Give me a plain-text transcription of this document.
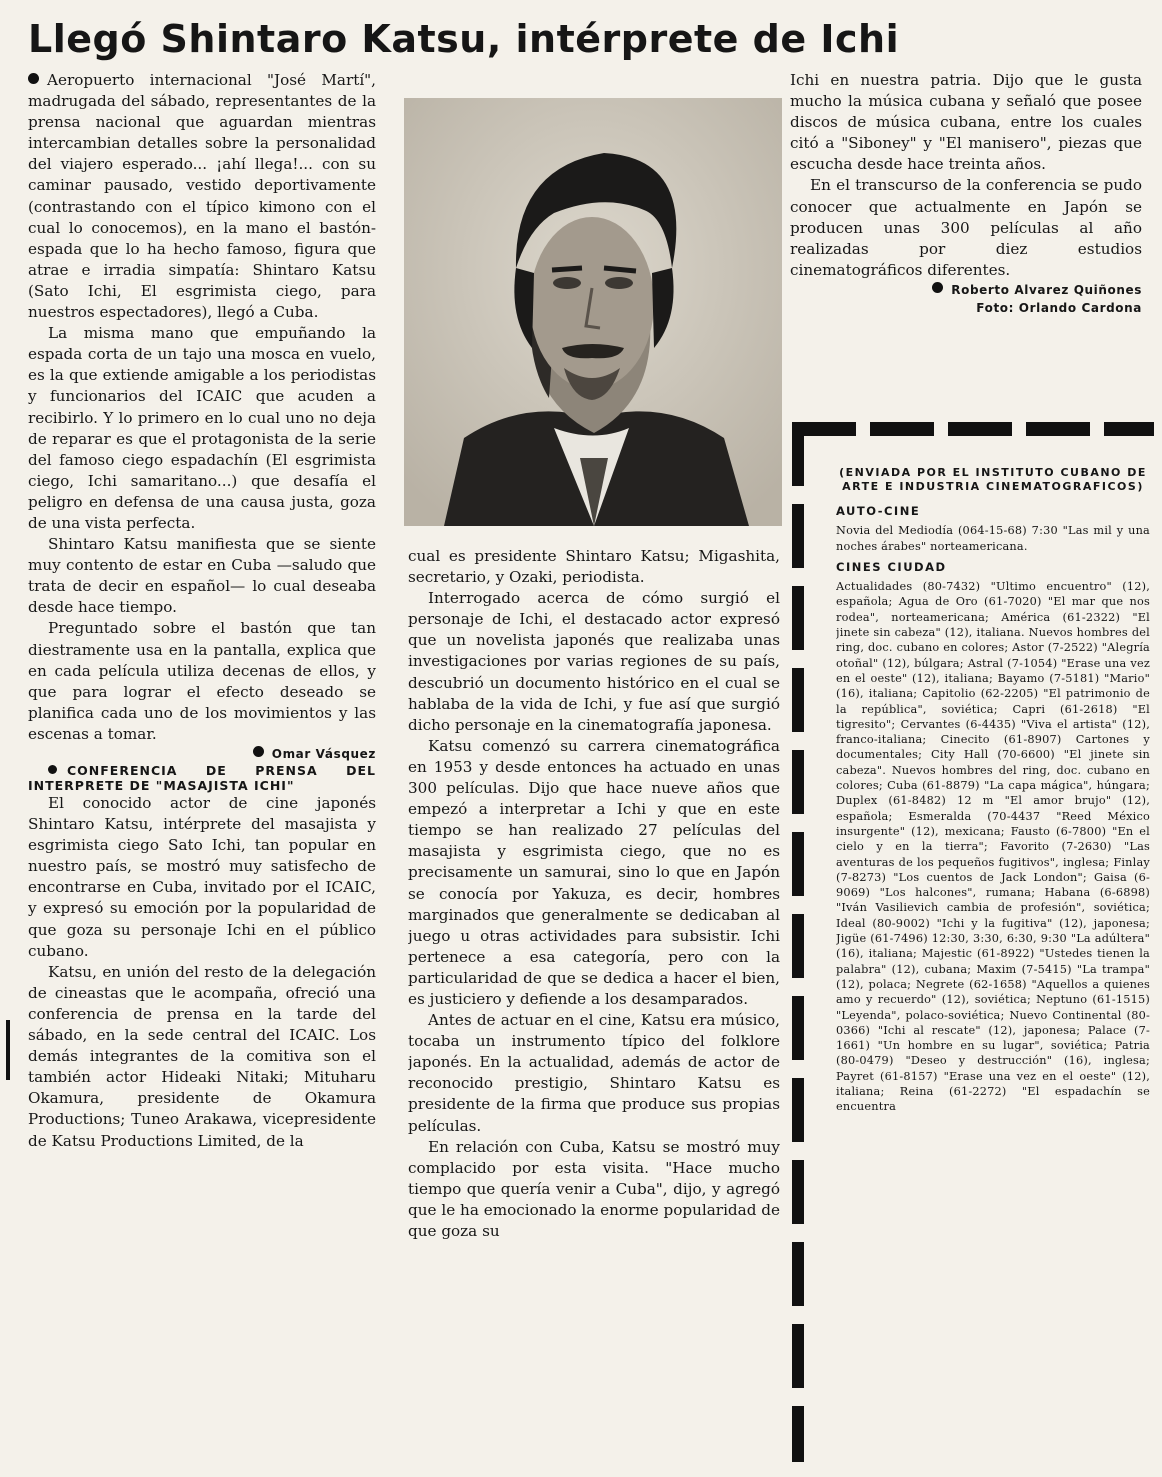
Llegó Shintaro Katsu, intérprete de Ichi

Aeropuerto internacional "José Martí", madrugada del sábado, representantes de la prensa nacional que aguardan mientras intercambian detalles sobre la personalidad del viajero esperado... ¡ahí llega!... con su caminar pausado, vestido deportivamente (contrastando con el típico kimono con el cual lo conocemos), en la mano el bastón-espada que lo ha hecho famoso, figura que atrae e irradia simpatía: Shintaro Katsu (Sato Ichi, El esgrimista ciego, para nuestros espectadores), llegó a Cuba.

La misma mano que empuñando la espada corta de un tajo una mosca en vuelo, es la que extiende amigable a los periodistas y funcionarios del ICAIC que acuden a recibirlo. Y lo primero en lo cual uno no deja de reparar es que el protagonista de la serie del famoso ciego espadachín (El esgrimista ciego, Ichi samaritano...) que desafía el peligro en defensa de una causa justa, goza de una vista perfecta.

Shintaro Katsu manifiesta que se siente muy contento de estar en Cuba —saludo que trata de decir en español— lo cual deseaba desde hace tiempo.

Preguntado sobre el bastón que tan diestramente usa en la pantalla, explica que en cada película utiliza decenas de ellos, y que para lograr el efecto deseado se planifica cada uno de los movimientos y las escenas a tomar.

Omar Vásquez

CONFERENCIA DE PRENSA DEL INTERPRETE DE "MASAJISTA ICHI"

El conocido actor de cine japonés Shintaro Katsu, intérprete del masajista y esgrimista ciego Sato Ichi, tan popular en nuestro país, se mostró muy satisfecho de encontrarse en Cuba, invitado por el ICAIC, y expresó su emoción por la popularidad de que goza su personaje Ichi en el público cubano.

Katsu, en unión del resto de la delegación de cineastas que le acompaña, ofreció una conferencia de prensa en la tarde del sábado, en la sede central del ICAIC. Los demás integrantes de la comitiva son el también actor Hideaki Nitaki; Mituharu Okamura, presidente de Okamura Productions; Tuneo Arakawa, vicepresidente de Katsu Productions Limited, de la

cual es presidente Shintaro Katsu; Migashita, secretario, y Ozaki, periodista.

Interrogado acerca de cómo surgió el personaje de Ichi, el destacado actor expresó que un novelista japonés que realizaba unas investigaciones por varias regiones de su país, descubrió un documento histórico en el cual se hablaba de la vida de Ichi, y fue así que surgió dicho personaje en la cinematografía japonesa.

Katsu comenzó su carrera cinematográfica en 1953 y desde entonces ha actuado en unas 300 películas. Dijo que hace nueve años que empezó a interpretar a Ichi y que en este tiempo se han realizado 27 películas del masajista y esgrimista ciego, que no es precisamente un samurai, sino lo que en Japón se conocía por Yakuza, es decir, hombres marginados que generalmente se dedicaban al juego u otras actividades para subsistir. Ichi pertenece a esa categoría, pero con la particularidad de que se dedica a hacer el bien, es justiciero y defiende a los desamparados.

Antes de actuar en el cine, Katsu era músico, tocaba un instrumento típico del folklore japonés. En la actualidad, además de actor de reconocido prestigio, Shintaro Katsu es presidente de la firma que produce sus propias películas.

En relación con Cuba, Katsu se mostró muy complacido por esta visita. "Hace mucho tiempo que quería venir a Cuba", dijo, y agregó que le ha emocionado la enorme popularidad de que goza su

Ichi en nuestra patria. Dijo que le gusta mucho la música cubana y señaló que posee discos de música cubana, entre los cuales citó a "Siboney" y "El manisero", piezas que escucha desde hace treinta años.

En el transcurso de la conferencia se pudo conocer que actualmente en Japón se producen unas 300 películas al año realizadas por diez estudios cinematográficos diferentes.

Roberto Alvarez Quiñones
Foto: Orlando Cardona
(ENVIADA POR EL INSTITUTO CUBANO DE ARTE E INDUSTRIA CINEMATOGRAFICOS)
AUTO-CINE

Novia del Mediodía (064-15-68) 7:30 "Las mil y una noches árabes" norteamericana.

CINES CIUDAD

Actualidades (80-7432) "Ultimo encuentro" (12), española; Agua de Oro (61-7020) "El mar que nos rodea", norteamericana; América (61-2322) "El jinete sin cabeza" (12), italiana. Nuevos hombres del ring, doc. cubano en colores; Astor (7-2522) "Alegría otoñal" (12), búlgara; Astral (7-1054) "Erase una vez en el oeste" (12), italiana; Bayamo (7-5181) "Mario" (16), italiana; Capitolio (62-2205) "El patrimonio de la república", soviética; Capri (61-2618) "El tigresito"; Cervantes (6-4435) "Viva el artista" (12), franco-italiana; Cinecito (61-8907) Cartones y documentales; City Hall (70-6600) "El jinete sin cabeza". Nuevos hombres del ring, doc. cubano en colores; Cuba (61-8879) "La capa mágica", húngara; Duplex (61-8482) 12 m "El amor brujo" (12), española; Esmeralda (70-4437 "Reed México insurgente" (12), mexicana; Fausto (6-7800) "En el cielo y en la tierra"; Favorito (7-2630) "Las aventuras de los pequeños fugitivos", inglesa; Finlay (7-8273) "Los cuentos de Jack London"; Gaisa (6-9069) "Los halcones", rumana; Habana (6-6898) "Iván Vasilievich cambia de profesión", soviética; Ideal (80-9002) "Ichi y la fugitiva" (12), japonesa; Jigüe (61-7496) 12:30, 3:30, 6:30, 9:30 "La adúltera" (16), italiana; Majestic (61-8922) "Ustedes tienen la palabra" (12), cubana; Maxim (7-5415) "La trampa" (12), polaca; Negrete (62-1658) "Aquellos a quienes amo y recuerdo" (12), soviética; Neptuno (61-1515) "Leyenda", polaco-soviética; Nuevo Continental (80-0366) "Ichi al rescate" (12), japonesa; Palace (7-1661) "Un hombre en su lugar", soviética; Patria (80-0479) "Deseo y destrucción" (16), inglesa; Payret (61-8157) "Erase una vez en el oeste" (12), italiana; Reina (61-2272) "El espadachín se encuentra
